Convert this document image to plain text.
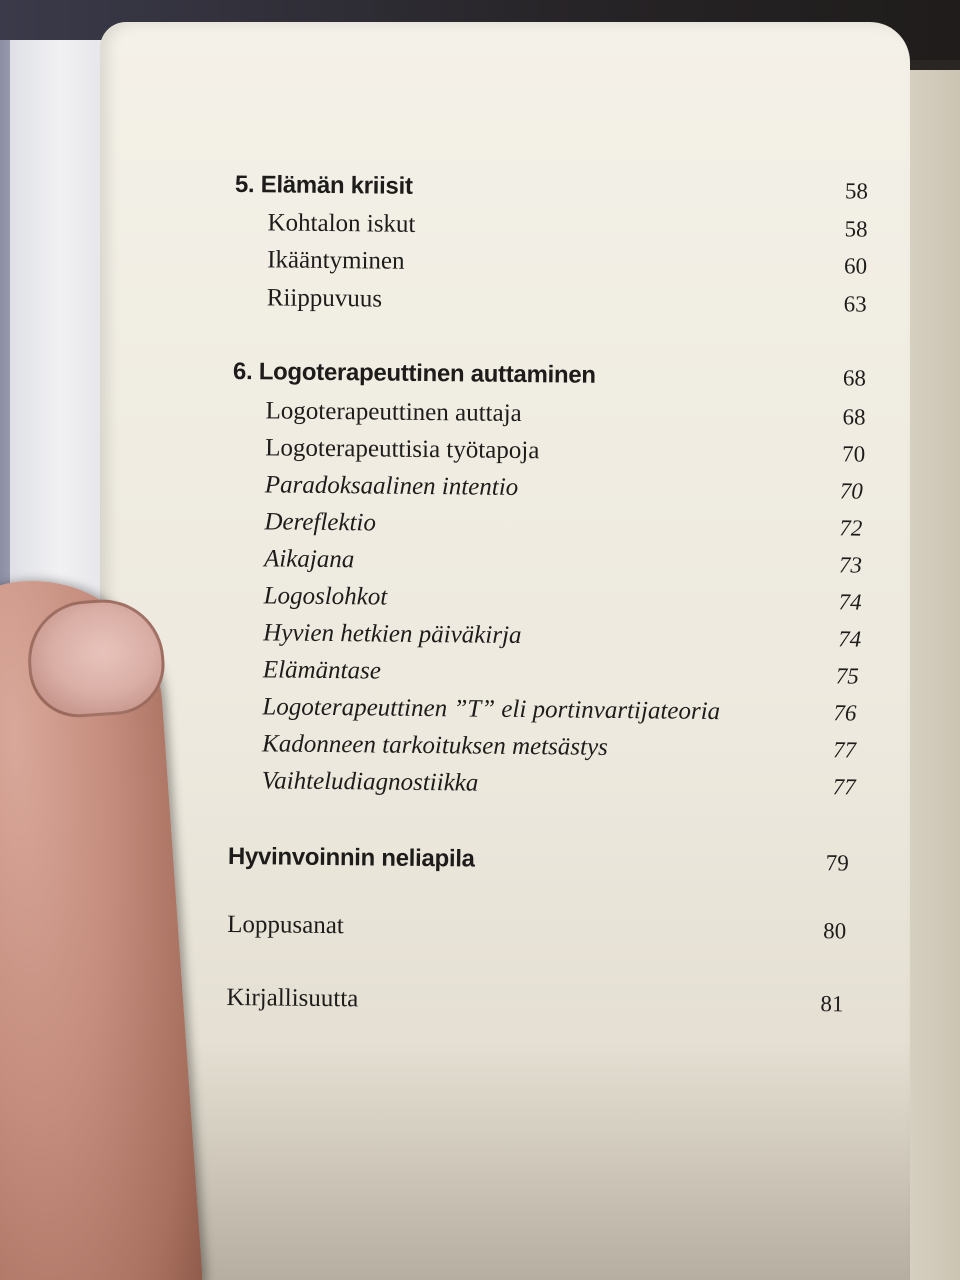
5. Elämän kriisit	58
Kohtalon iskut	58
Ikääntyminen	60
Riippuvuus	63
6. Logoterapeuttinen auttaminen	68
Logoterapeuttinen auttaja	68
Logoterapeuttisia työtapoja	70
Paradoksaalinen intentio	70
Dereflektio	72
Aikajana	73
Logoslohkot	74
Hyvien hetkien päiväkirja	74
Elämäntase	75
Logoterapeuttinen ”T” eli portinvartijateoria	76
Kadonneen tarkoituksen metsästys	77
Vaihteludiagnostiikka	77
Hyvinvoinnin neliapila	79
Loppusanat	80
Kirjallisuutta	81
